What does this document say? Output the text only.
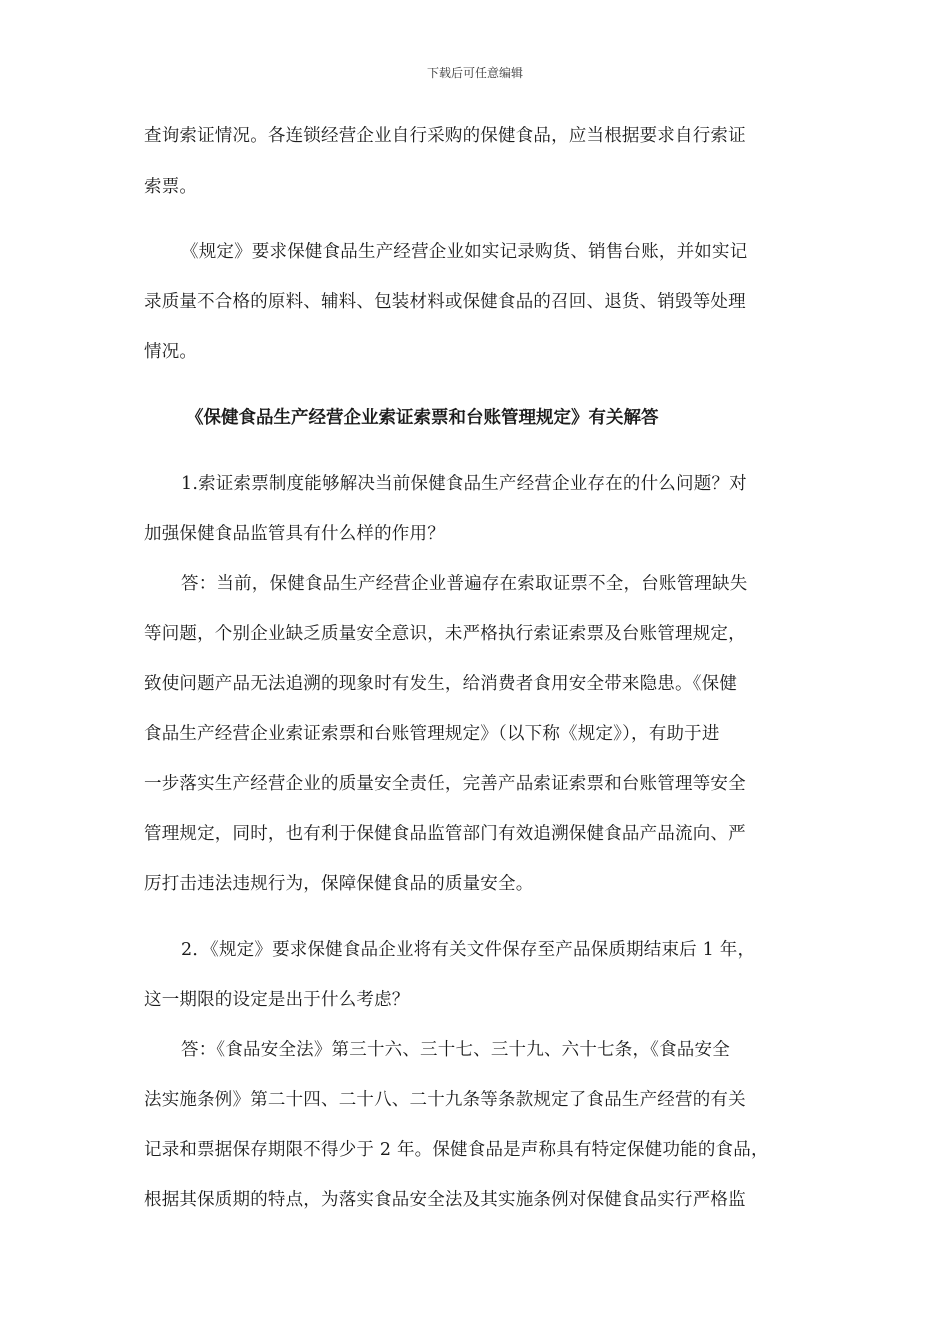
下载后可任意编辑
查询索证情况。各连锁经营企业自行采购的保健食品，应当根据要求自行索证
索票。
《规定》要求保健食品生产经营企业如实记录购货、销售台账，并如实记
录质量不合格的原料、辅料、包装材料或保健食品的召回、退货、销毁等处理
情况。
《保健食品生产经营企业索证索票和台账管理规定》有关解答
1.索证索票制度能够解决当前保健食品生产经营企业存在的什么问题？对
加强保健食品监管具有什么样的作用？
答：当前，保健食品生产经营企业普遍存在索取证票不全，台账管理缺失
等问题，个别企业缺乏质量安全意识，未严格执行索证索票及台账管理规定，
致使问题产品无法追溯的现象时有发生，给消费者食用安全带来隐患。《保健
食品生产经营企业索证索票和台账管理规定》（以下称《规定》），有助于进
一步落实生产经营企业的质量安全责任，完善产品索证索票和台账管理等安全
管理规定，同时，也有利于保健食品监管部门有效追溯保健食品产品流向、严
厉打击违法违规行为，保障保健食品的质量安全。
2．《规定》要求保健食品企业将有关文件保存至产品保质期结束后 1 年，
这一期限的设定是出于什么考虑？
答：《食品安全法》第三十六、三十七、三十九、六十七条，《食品安全
法实施条例》第二十四、二十八、二十九条等条款规定了食品生产经营的有关
记录和票据保存期限不得少于 2 年。保健食品是声称具有特定保健功能的食品，
根据其保质期的特点，为落实食品安全法及其实施条例对保健食品实行严格监
